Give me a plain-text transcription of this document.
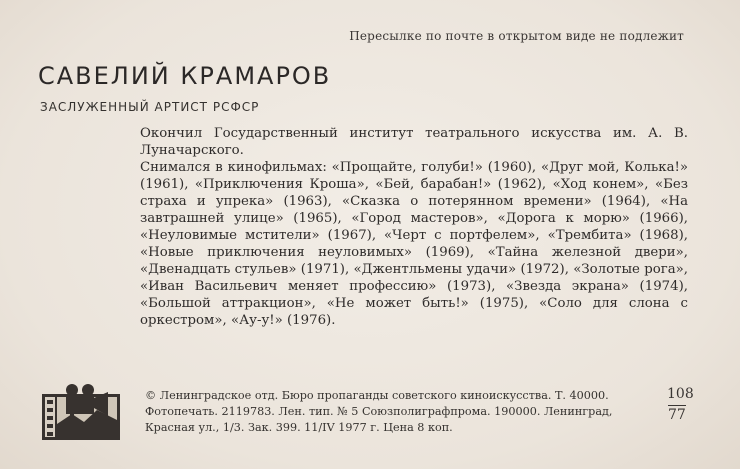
Пересылке по почте в открытом виде не подлежит
САВЕЛИЙ КРАМАРОВ
ЗАСЛУЖЕННЫЙ АРТИСТ РСФСР

Окончил Государственный институт театрального искусства им. А. В. Луначарского.

Снимался в кинофильмах: «Прощайте, голуби!» (1960), «Друг мой, Колька!» (1961), «Приключения Кроша», «Бей, барабан!» (1962), «Ход конем», «Без страха и упрека» (1963), «Сказка о потерянном времени» (1964), «На завтрашней улице» (1965), «Город мастеров», «Дорога к морю» (1966), «Неуловимые мстители» (1967), «Черт с портфелем», «Трембита» (1968), «Новые приключения неуловимых» (1969), «Тайна железной двери», «Двенадцать стульев» (1971), «Джентльмены удачи» (1972), «Золотые рога», «Иван Васильевич меняет профессию» (1973), «Звезда экрана» (1974), «Большой аттракцион», «Не может быть!» (1975), «Соло для слона с оркестром», «Ау-у!» (1976).

© Ленинградское отд. Бюро пропаганды советского киноискусства. Т. 40000.
Фотопечать. 2119783. Лен. тип. № 5 Союзполиграфпрома. 190000. Ленинград,
Красная ул., 1/3. Зак. 399. 11/IV 1977 г. Цена 8 коп.
108
77
